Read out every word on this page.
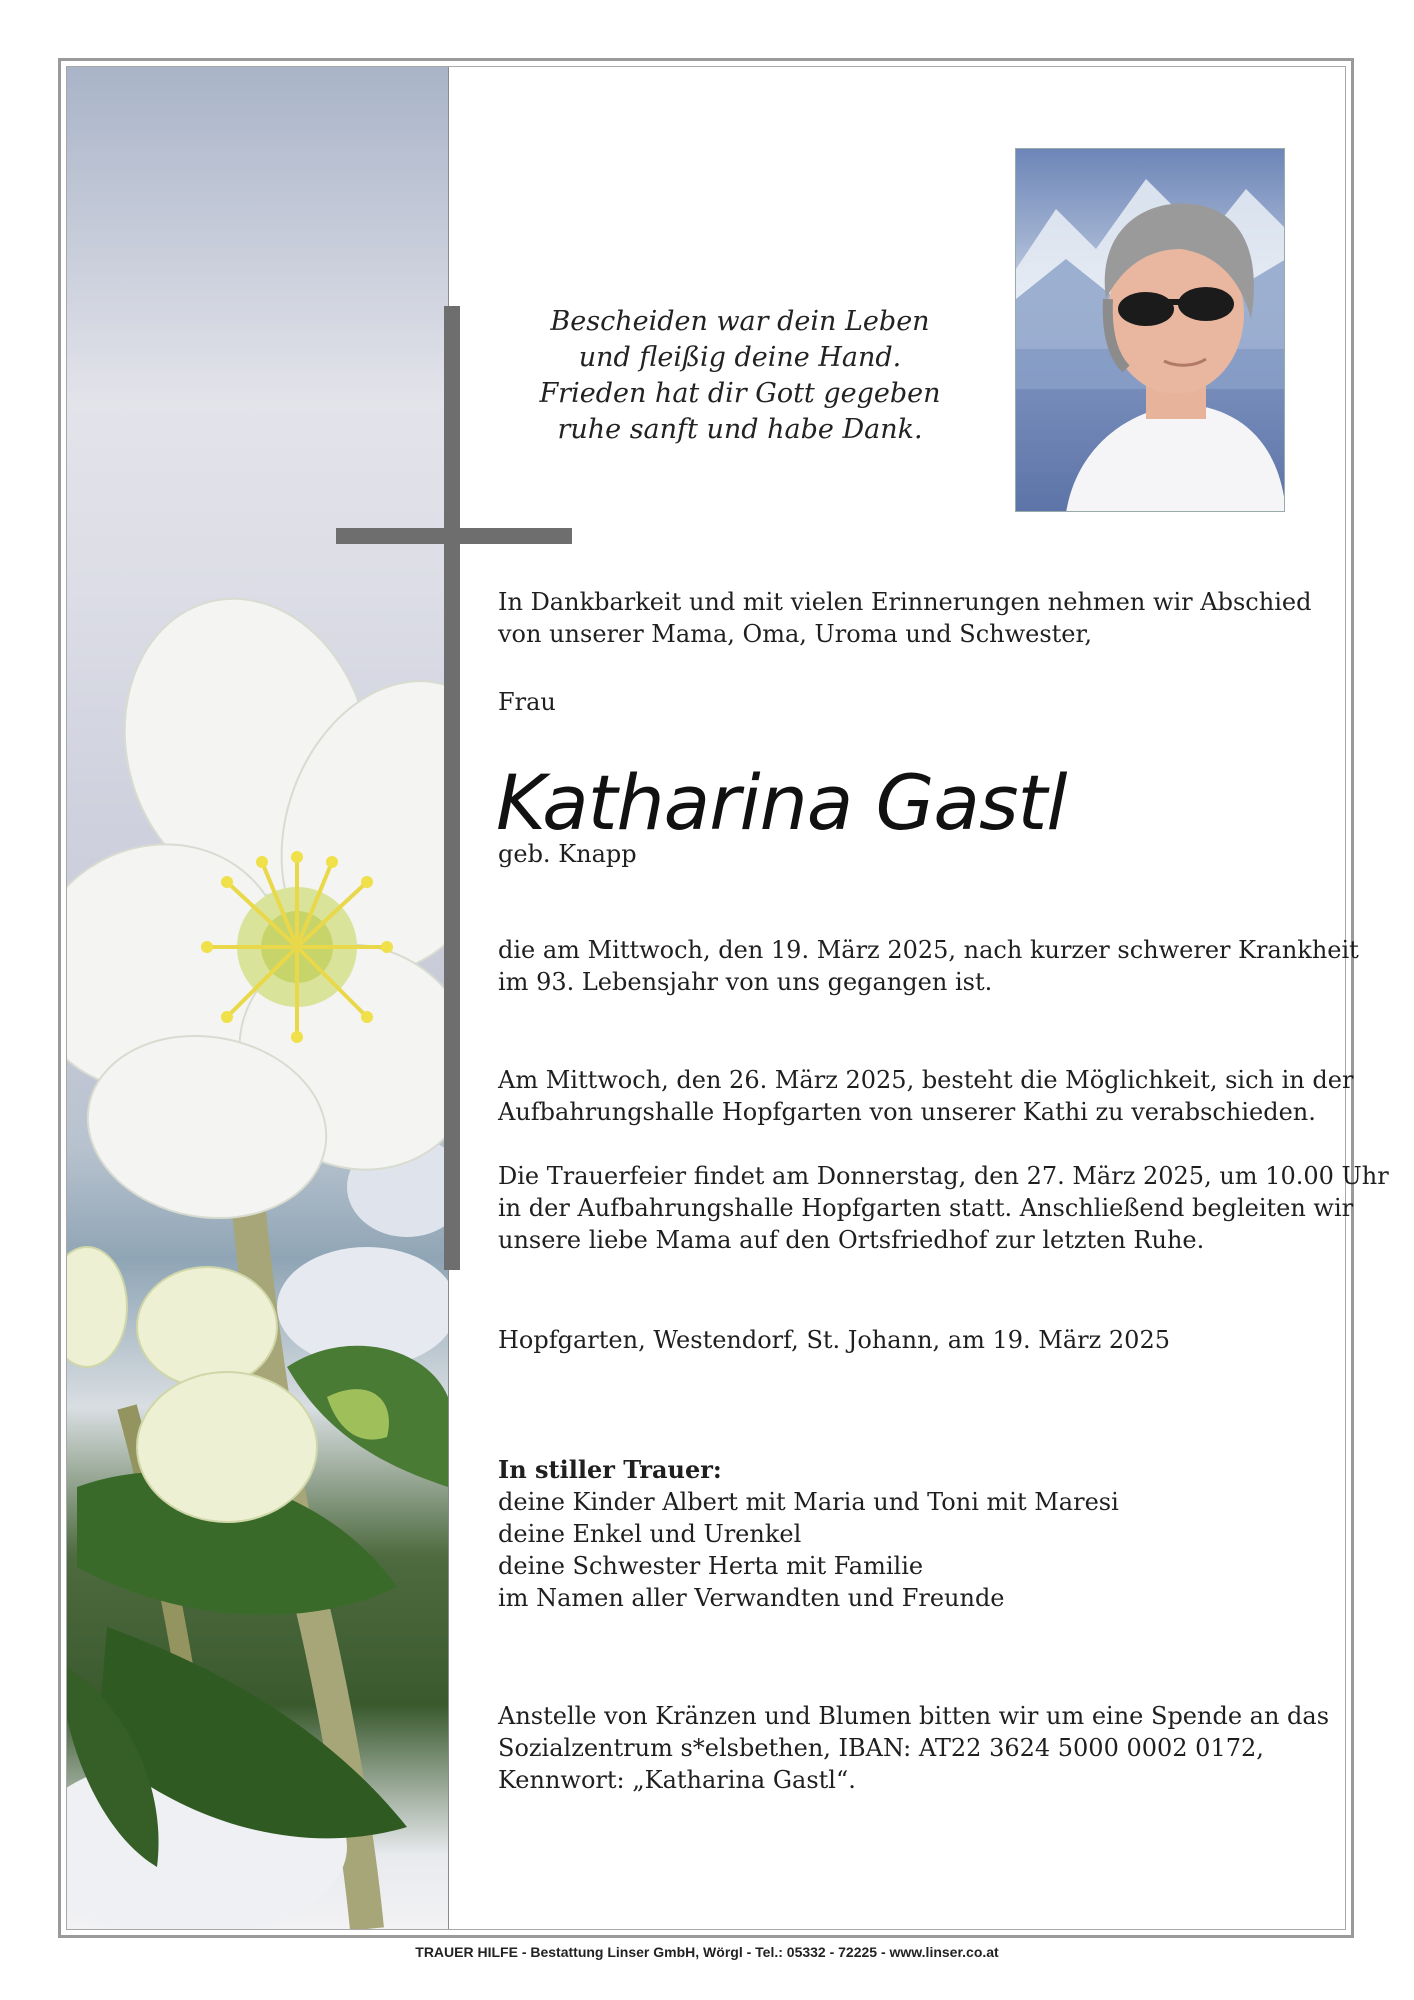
Bescheiden war dein Leben
und fleißig deine Hand.
Frieden hat dir Gott gegeben
ruhe sanft und habe Dank.
In Dankbarkeit und mit vielen Erinnerungen nehmen wir Abschied
von unserer Mama, Oma, Uroma und Schwester,
Frau
Katharina Gastl
geb. Knapp
die am Mittwoch, den 19. März 2025, nach kurzer schwerer Krankheit
im 93. Lebensjahr von uns gegangen ist.
Am Mittwoch, den 26. März 2025, besteht die Möglichkeit, sich in der
Aufbahrungshalle Hopfgarten von unserer Kathi zu verabschieden.
Die Trauerfeier findet am Donnerstag, den 27. März 2025, um 10.00 Uhr
in der Aufbahrungshalle Hopfgarten statt. Anschließend begleiten wir
unsere liebe Mama auf den Ortsfriedhof zur letzten Ruhe.
Hopfgarten, Westendorf, St. Johann, am 19. März 2025
In stiller Trauer:
deine Kinder Albert mit Maria und Toni mit Maresi
deine Enkel und Urenkel
deine Schwester Herta mit Familie
im Namen aller Verwandten und Freunde
Anstelle von Kränzen und Blumen bitten wir um eine Spende an das
Sozialzentrum s*elsbethen, IBAN: AT22 3624 5000 0002 0172,
Kennwort: „Katharina Gastl“.
TRAUER HILFE - Bestattung Linser GmbH, Wörgl - Tel.: 05332 - 72225 - www.linser.co.at
